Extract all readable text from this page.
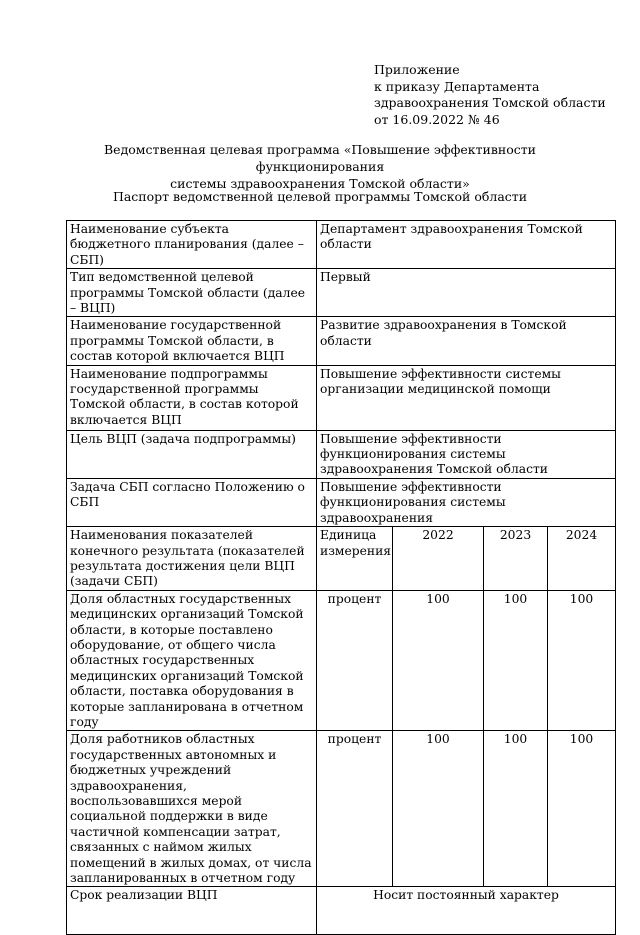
Приложение
к приказу Департамента
здравоохранения Томской области
от 16.09.2022 № 46
Ведомственная целевая программа «Повышение эффективности функционирования
системы здравоохранения Томской области»
Паспорт ведомственной целевой программы Томской области
Наименование субъекта бюджетного планирования (далее – СБП)	Департамент здравоохранения Томской области			
Тип ведомственной целевой программы Томской области (далее – ВЦП)	Первый			
Наименование государственной программы Томской области, в состав которой включается ВЦП	Развитие здравоохранения в Томской области			
Наименование подпрограммы государственной программы Томской области, в состав которой включается ВЦП	Повышение эффективности системы организации медицинской помощи			
Цель ВЦП (задача подпрограммы)	Повышение эффективности функционирования системы здравоохранения Томской области			
Задача СБП согласно Положению о СБП	Повышение эффективности функционирования системы здравоохранения			
Наименования показателей конечного результата (показателей результата достижения цели ВЦП (задачи СБП)	Единица измерения	2022	2023	2024
Доля областных государственных медицинских организаций Томской области, в которые поставлено оборудование, от общего числа областных государственных медицинских организаций Томской области, поставка оборудования в которые запланирована в отчетном году	процент	100	100	100
Доля работников областных государственных автономных и бюджетных учреждений здравоохранения, воспользовавшихся мерой социальной поддержки в виде частичной компенсации затрат, связанных с наймом жилых помещений в жилых домах, от числа запланированных в отчетном году	процент	100	100	100
Срок реализации ВЦП	Носит постоянный характер			
